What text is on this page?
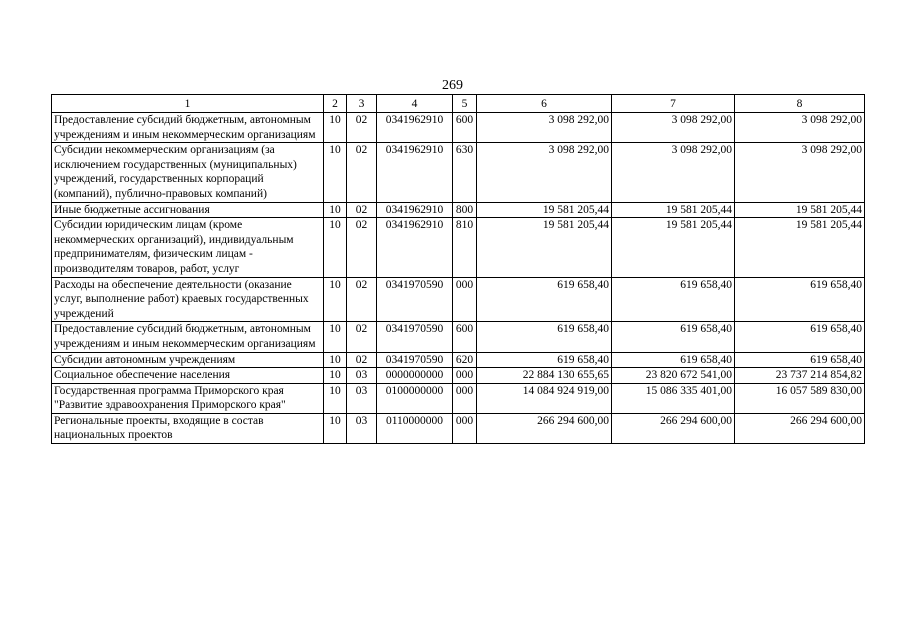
269
1	2	3	4	5	6	7	8
Предоставление субсидий бюджетным, автономным учреждениям и иным некоммерческим организациям	10	02	0341962910	600	3 098 292,00	3 098 292,00	3 098 292,00
Субсидии некоммерческим организациям (за исключением государственных (муниципальных) учреждений, государственных корпораций (компаний), публично-правовых компаний)	10	02	0341962910	630	3 098 292,00	3 098 292,00	3 098 292,00
Иные бюджетные ассигнования	10	02	0341962910	800	19 581 205,44	19 581 205,44	19 581 205,44
Субсидии юридическим лицам (кроме некоммерческих организаций), индивидуальным предпринимателям, физическим лицам - производителям товаров, работ, услуг	10	02	0341962910	810	19 581 205,44	19 581 205,44	19 581 205,44
Расходы на обеспечение деятельности (оказание услуг, выполнение работ) краевых государственных учреждений	10	02	0341970590	000	619 658,40	619 658,40	619 658,40
Предоставление субсидий бюджетным, автономным учреждениям и иным некоммерческим организациям	10	02	0341970590	600	619 658,40	619 658,40	619 658,40
Субсидии автономным учреждениям	10	02	0341970590	620	619 658,40	619 658,40	619 658,40
Социальное обеспечение населения	10	03	0000000000	000	22 884 130 655,65	23 820 672 541,00	23 737 214 854,82
Государственная программа Приморского края "Развитие здравоохранения Приморского края"	10	03	0100000000	000	14 084 924 919,00	15 086 335 401,00	16 057 589 830,00
Региональные проекты, входящие в состав национальных проектов	10	03	0110000000	000	266 294 600,00	266 294 600,00	266 294 600,00
